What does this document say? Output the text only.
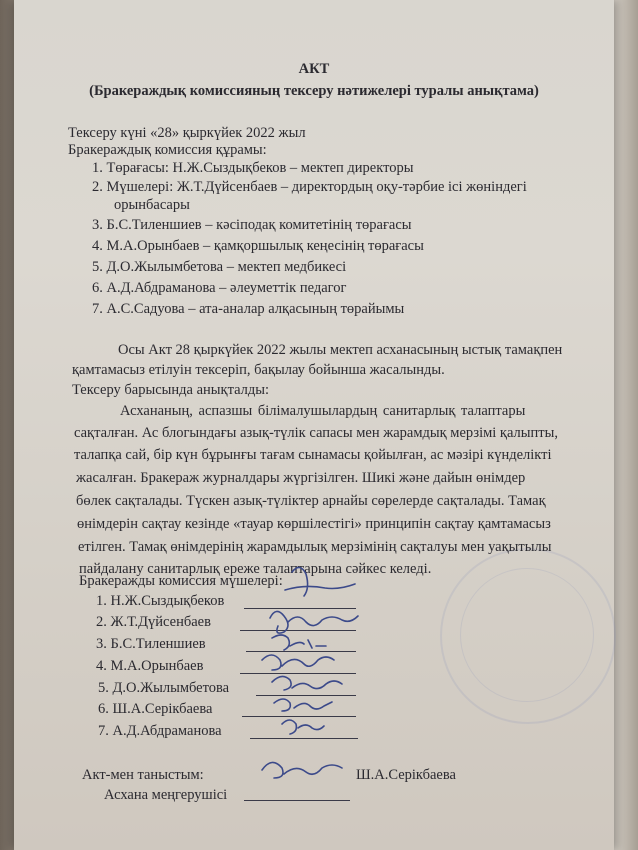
АКТ
(Бракераждық комиссияның тексеру нәтижелері туралы анықтама)
Тексеру күні «28» қыркүйек 2022 жыл
Бракераждық комиссия құрамы:
1. Төрағасы: Н.Ж.Сыздықбеков – мектеп директоры
2. Мүшелері: Ж.Т.Дүйсенбаев – директордың оқу-тәрбие ісі жөніндегі
орынбасары
3. Б.С.Тиленшиев – кәсіподақ комитетінің төрағасы
4. М.А.Орынбаев – қамқоршылық кеңесінің төрағасы
5. Д.О.Жылымбетова – мектеп медбикесі
6. А.Д.Абдраманова – әлеуметтік педагог
7. А.С.Садуова – ата-аналар алқасының төрайымы
Осы Акт 28 қыркүйек 2022 жылы мектеп асханасының ыстық тамақпен
қамтамасыз етілуін тексеріп, бақылау бойынша жасалынды.
Тексеру барысында анықталды:
Асхананың, аспазшы білімалушылардың санитарлық талаптары
сақталған. Ас блогындағы азық-түлік сапасы мен жарамдық мерзімі қалыпты,
талапқа сай, бір күн бұрынғы тағам сынамасы қойылған, ас мәзірі күнделікті
жасалған. Бракераж журналдары жүргізілген. Шикі және дайын өнімдер
бөлек сақталады. Түскен азық-түліктер арнайы сөрелерде сақталады. Тамақ
өнімдерін сақтау кезінде «тауар көршілестігі» принципін сақтау қамтамасыз
етілген. Тамақ өнімдерінің жарамдылық мерзімінің сақталуы мен уақытылы
пайдалану санитарлық ереже талаптарына сәйкес келеді.
Бракеражды комиссия мүшелері:
1. Н.Ж.Сыздықбеков
2. Ж.Т.Дүйсенбаев
3. Б.С.Тиленшиев
4. М.А.Орынбаев
5. Д.О.Жылымбетова
6. Ш.А.Серікбаева
7. А.Д.Абдраманова
Акт-мен таныстым:
Асхана меңгерушісі
Ш.А.Серікбаева
